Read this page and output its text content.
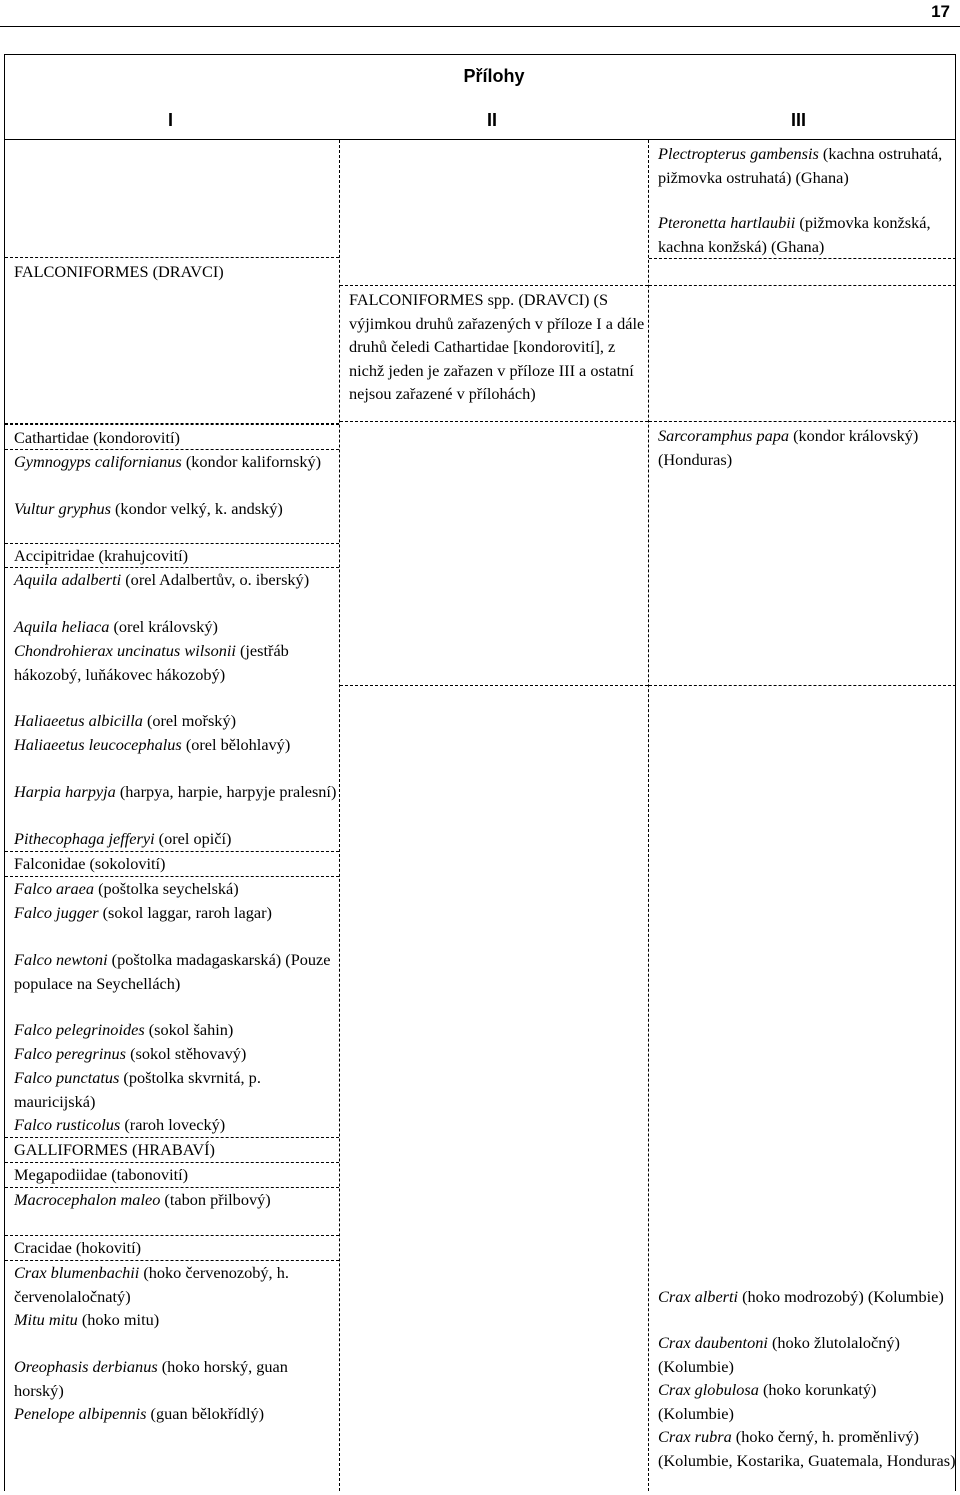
17
Přílohy
I	II	III
FALCONIFORMES (DRAVCI)
Cathartidae (kondorovití)
Gymnogyps californianus (kondor kalifornský)
Vultur gryphus (kondor velký, k. andský)
Accipitridae (krahujcovití)
Aquila adalberti (orel Adalbertův, o. iberský)
Aquila heliaca (orel královský)
Chondrohierax uncinatus wilsonii (jestřáb hákozobý, luňákovec hákozobý)
Haliaeetus albicilla (orel mořský)
Haliaeetus leucocephalus (orel bělohlavý)
Harpia harpyja (harpya, harpie, harpyje pralesní)
Pithecophaga jefferyi (orel opičí)
Falconidae (sokolovití)
Falco araea (poštolka seychelská)
Falco jugger (sokol laggar, raroh lagar)
Falco newtoni (poštolka madagaskarská) (Pouze populace na Seychellách)
Falco pelegrinoides (sokol šahin)
Falco peregrinus (sokol stěhovavý)
Falco punctatus (poštolka skvrnitá, p. mauricijská)
Falco rusticolus (raroh lovecký)
GALLIFORMES (HRABAVÍ)
Megapodiidae (tabonovití)
Macrocephalon maleo (tabon přilbový)
Cracidae (hokovití)
Crax blumenbachii (hoko červenozobý, h. červenolaločnatý)
Mitu mitu (hoko mitu)
Oreophasis derbianus (hoko horský, guan horský)
Penelope albipennis (guan bělokřídlý)
FALCONIFORMES spp. (DRAVCI) (S výjimkou druhů zařazených v příloze I a dále druhů čeledi Cathartidae [kondorovití], z nichž jeden je zařazen v příloze III a ostatní nejsou zařazené v přílohách)
Plectropterus gambensis (kachna ostruhatá, pižmovka ostruhatá) (Ghana)
Pteronetta hartlaubii (pižmovka konžská, kachna konžská) (Ghana)
Sarcoramphus papa (kondor královský) (Honduras)
Crax alberti (hoko modrozobý) (Kolumbie)
Crax daubentoni (hoko žlutolaločný) (Kolumbie)
Crax globulosa (hoko korunkatý) (Kolumbie)
Crax rubra (hoko černý, h. proměnlivý) (Kolumbie, Kostarika, Guatemala, Honduras)
